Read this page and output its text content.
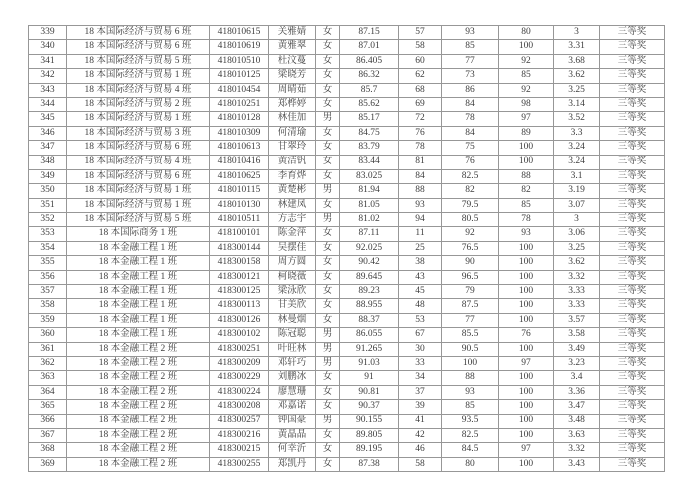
339	18 本国际经济与贸易 6 班	418010615	关雅婧	女	87.15	57	93	80	3	三等奖
340	18 本国际经济与贸易 6 班	418010619	黄雅翠	女	87.01	58	85	100	3.31	三等奖
341	18 本国际经济与贸易 5 班	418010510	杜汶蔓	女	86.405	60	77	92	3.68	三等奖
342	18 本国际经济与贸易 1 班	418010125	梁晓芳	女	86.32	62	73	85	3.62	三等奖
343	18 本国际经济与贸易 4 班	418010454	周晴茹	女	85.7	68	86	92	3.25	三等奖
344	18 本国际经济与贸易 2 班	418010251	郑桦婷	女	85.62	69	84	98	3.14	三等奖
345	18 本国际经济与贸易 1 班	418010128	林佳加	男	85.17	72	78	97	3.52	三等奖
346	18 本国际经济与贸易 3 班	418010309	何清瑜	女	84.75	76	84	89	3.3	三等奖
347	18 本国际经济与贸易 6 班	418010613	甘翠玲	女	83.79	78	75	100	3.24	三等奖
348	18 本国际经济与贸易 4 班	418010416	黄洁钒	女	83.44	81	76	100	3.24	三等奖
349	18 本国际经济与贸易 6 班	418010625	李育烨	女	83.025	84	82.5	88	3.1	三等奖
350	18 本国际经济与贸易 1 班	418010115	黄楚彬	男	81.94	88	82	82	3.19	三等奖
351	18 本国际经济与贸易 1 班	418010130	林建凤	女	81.05	93	79.5	85	3.07	三等奖
352	18 本国际经济与贸易 5 班	418010511	方志宇	男	81.02	94	80.5	78	3	三等奖
353	18 本国际商务 1 班	418100101	陈金萍	女	87.11	11	92	93	3.06	三等奖
354	18 本金融工程 1 班	418300144	吴摆佳	女	92.025	25	76.5	100	3.25	三等奖
355	18 本金融工程 1 班	418300158	周方圆	女	90.42	38	90	100	3.62	三等奖
356	18 本金融工程 1 班	418300121	柯晓薇	女	89.645	43	96.5	100	3.32	三等奖
357	18 本金融工程 1 班	418300125	梁泳欣	女	89.23	45	79	100	3.33	三等奖
358	18 本金融工程 1 班	418300113	甘美欣	女	88.955	48	87.5	100	3.33	三等奖
359	18 本金融工程 1 班	418300126	林曼烟	女	88.37	53	77	100	3.57	三等奖
360	18 本金融工程 1 班	418300102	陈冠聪	男	86.055	67	85.5	76	3.58	三等奖
361	18 本金融工程 2 班	418300251	叶旺林	男	91.265	30	90.5	100	3.49	三等奖
362	18 本金融工程 2 班	418300209	邓轩巧	男	91.03	33	100	97	3.23	三等奖
363	18 本金融工程 2 班	418300229	刘鹏冰	女	91	34	88	100	3.4	三等奖
364	18 本金融工程 2 班	418300224	廖慧珊	女	90.81	37	93	100	3.36	三等奖
365	18 本金融工程 2 班	418300208	邓嘉诺	女	90.37	39	85	100	3.47	三等奖
366	18 本金融工程 2 班	418300257	钟国豪	男	90.155	41	93.5	100	3.48	三等奖
367	18 本金融工程 2 班	418300216	黄晶晶	女	89.805	42	82.5	100	3.63	三等奖
368	18 本金融工程 2 班	418300215	何幸沂	女	89.195	46	84.5	97	3.32	三等奖
369	18 本金融工程 2 班	418300255	郑凯丹	女	87.38	58	80	100	3.43	三等奖
